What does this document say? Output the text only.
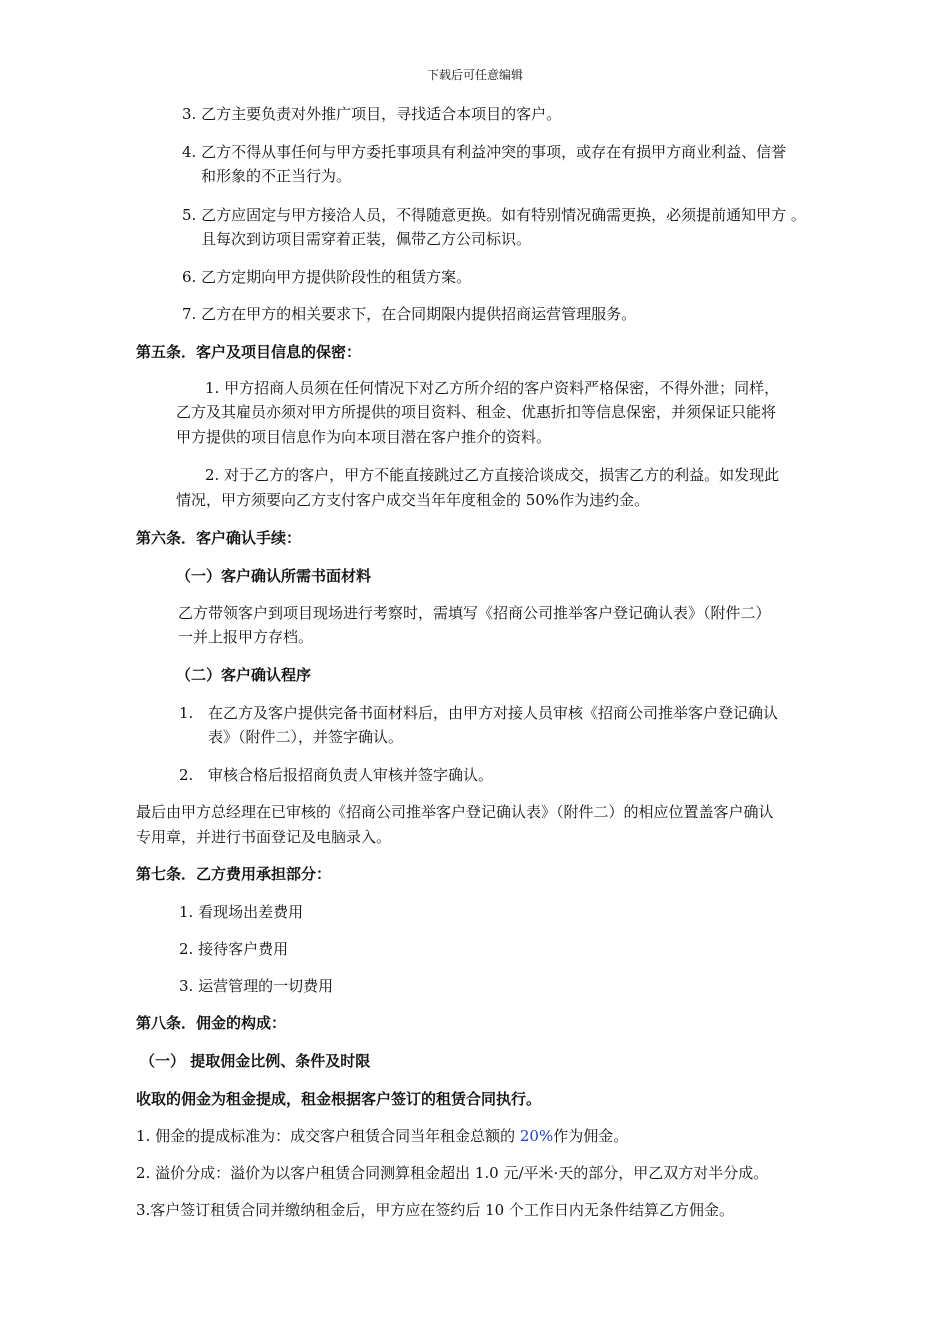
下载后可任意编辑
3. 乙方主要负责对外推广项目，寻找适合本项目的客户。
4. 乙方不得从事任何与甲方委托事项具有利益冲突的事项，或存在有损甲方商业利益、信誉
和形象的不正当行为。
5. 乙方应固定与甲方接洽人员，不得随意更换。如有特别情况确需更换，必须提前通知甲方 。
且每次到访项目需穿着正装，佩带乙方公司标识。
6. 乙方定期向甲方提供阶段性的租赁方案。
7. 乙方在甲方的相关要求下，在合同期限内提供招商运营管理服务。
第五条．客户及项目信息的保密：
1. 甲方招商人员须在任何情况下对乙方所介绍的客户资料严格保密，不得外泄；同样，
乙方及其雇员亦须对甲方所提供的项目资料、租金、优惠折扣等信息保密，并须保证只能将
甲方提供的项目信息作为向本项目潜在客户推介的资料。
2. 对于乙方的客户，甲方不能直接跳过乙方直接洽谈成交，损害乙方的利益。如发现此
情况，甲方须要向乙方支付客户成交当年年度租金的 50%作为违约金。
第六条．客户确认手续：
（一）客户确认所需书面材料
乙方带领客户到项目现场进行考察时，需填写《招商公司推举客户登记确认表》（附件二）
一并上报甲方存档。
（二）客户确认程序
1. 在乙方及客户提供完备书面材料后，由甲方对接人员审核《招商公司推举客户登记确认
表》（附件二），并签字确认。
2. 审核合格后报招商负责人审核并签字确认。
最后由甲方总经理在已审核的《招商公司推举客户登记确认表》（附件二）的相应位置盖客户确认
专用章，并进行书面登记及电脑录入。
第七条．乙方费用承担部分：
1. 看现场出差费用
2. 接待客户费用
3. 运营管理的一切费用
第八条．佣金的构成：
（一） 提取佣金比例、条件及时限
收取的佣金为租金提成，租金根据客户签订的租赁合同执行。
1. 佣金的提成标准为：成交客户租赁合同当年租金总额的 20%作为佣金。
2. 溢价分成：溢价为以客户租赁合同测算租金超出 1.0 元/平米·天的部分，甲乙双方对半分成。
3.客户签订租赁合同并缴纳租金后，甲方应在签约后 10 个工作日内无条件结算乙方佣金。
